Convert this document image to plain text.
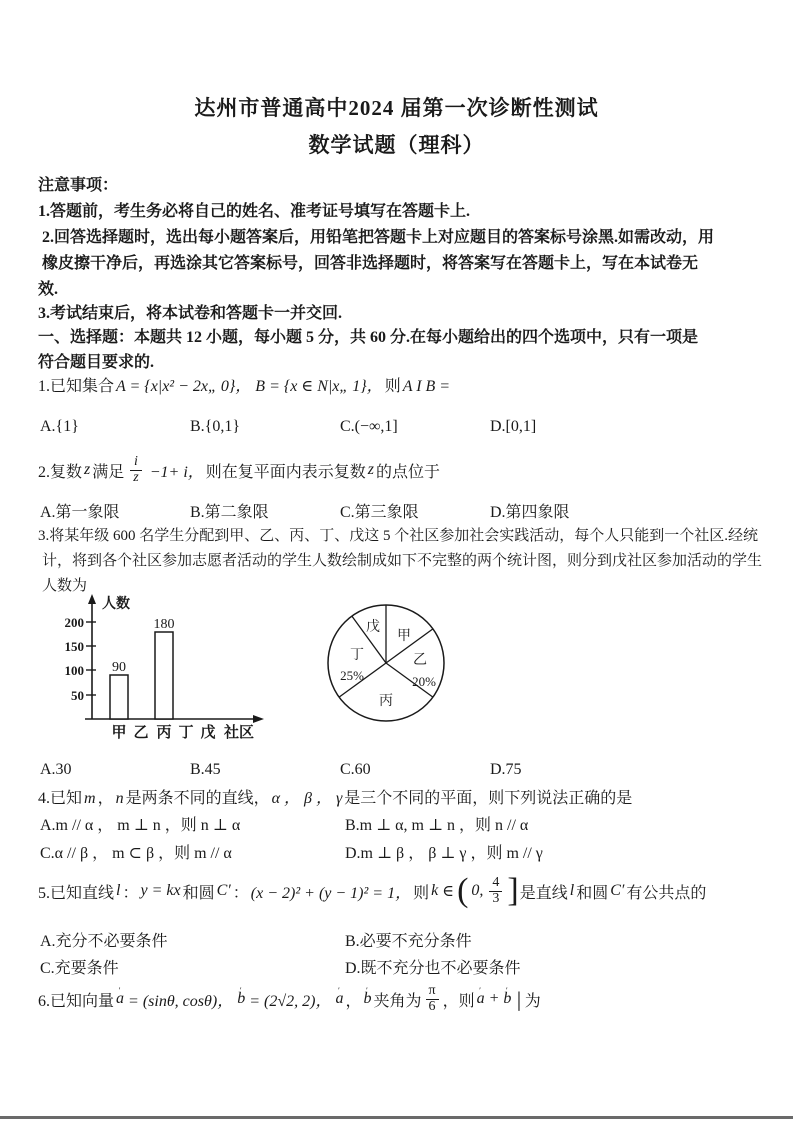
达州市普通高中2024 届第一次诊断性测试
数学试题（理科）
注意事项：
1.答题前，考生务必将自己的姓名、准考证号填写在答题卡上.
2.回答选择题时，选出每小题答案后，用铅笔把答题卡上对应题目的答案标号涂黑.如需改动，用
橡皮擦干净后，再选涂其它答案标号，回答非选择题时，将答案写在答题卡上，写在本试卷无
效.
3.考试结束后，将本试卷和答题卡一并交回.
一、选择题：本题共 12 小题，每小题 5 分，共 60 分.在每小题给出的四个选项中，只有一项是
符合题目要求的.
1.已知集合 A = {x|x² − 2x„ 0}， B = {x ∈ N|x„ 1}， 则 A I B =
A.{1}	B.{0,1}	C.(−∞,1]	D.[0,1]
2.复数 z 满足 $\frac{i}{z} -1+ i$， 则在复平面内表示复数 z 的点位于
A.第一象限	B.第二象限	C.第三象限	D.第四象限
3.将某年级 600 名学生分配到甲、乙、丙、丁、戊这 5 个社区参加社会实践活动，每个人只能到一个社区.经统
计，将到各个社区参加志愿者活动的学生人数绘制成如下不完整的两个统计图，则分到戊社区参加活动的学生
人数为
人数
200
150
100
50
90
180
甲 乙 丙 丁 戊 社区
甲
乙
20%
丙
丁
25%
戊
A.30	B.45	C.60	D.75
4.已知 m ， n 是两条不同的直线， α ， β ， γ 是三个不同的平面，则下列说法正确的是
A.m // α ， m ⊥ n ，则 n ⊥ α	B.m ⊥ α, m ⊥ n ，则 n // α
C.α // β ， m ⊂ β ，则 m // α	D.m ⊥ β ， β ⊥ γ ，则 m // γ
5.已知直线 l ： y = kx 和圆 C′ ： (x − 2)² + (y − 1)² = 1， 则 k ∈ ( 0, $\frac{4}{3}$ ] 是直线 l 和圆 C′ 有公共点的
A.充分不必要条件	B.必要不充分条件
C.充要条件	D.既不充分也不必要条件
6.已知向量 ′ a = (sinθ, cosθ)， ′ b = (2√2, 2)， ′ a ， ′ b 夹角为 $\frac{\pi}{6}$ ，则 ′ a + ′ b │为
